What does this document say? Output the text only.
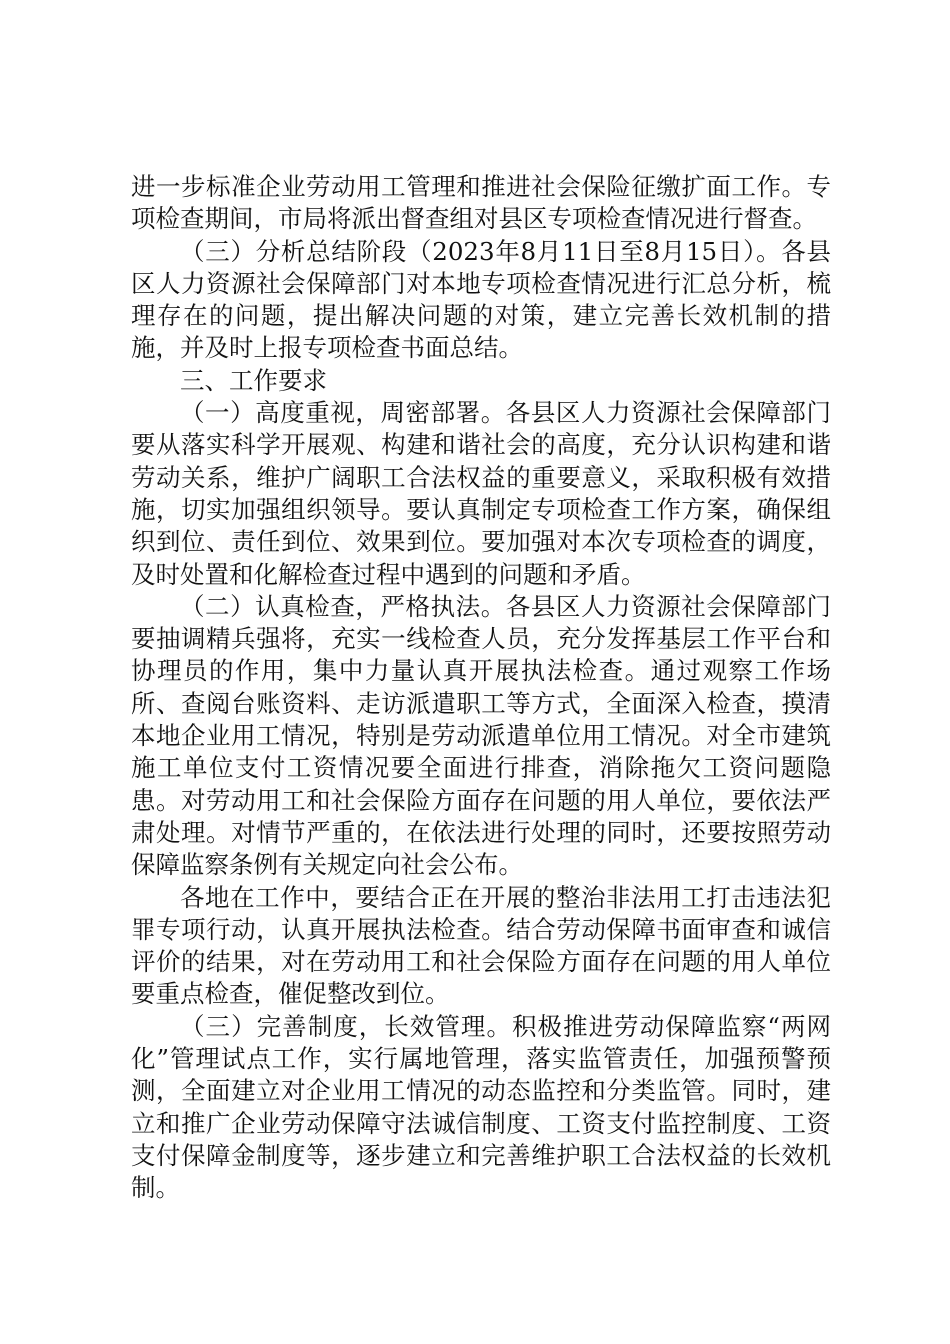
进一步标准企业劳动用工管理和推进社会保险征缴扩面工作。专项检查期间，市局将派出督查组对县区专项检查情况进行督查。

（三）分析总结阶段（2023年8月11日至8月15日）。各县区人力资源社会保障部门对本地专项检查情况进行汇总分析，梳理存在的问题，提出解决问题的对策，建立完善长效机制的措施，并及时上报专项检查书面总结。

三、工作要求

（一）高度重视，周密部署。各县区人力资源社会保障部门要从落实科学开展观、构建和谐社会的高度，充分认识构建和谐劳动关系，维护广阔职工合法权益的重要意义，采取积极有效措施，切实加强组织领导。要认真制定专项检查工作方案，确保组织到位、责任到位、效果到位。要加强对本次专项检查的调度，及时处置和化解检查过程中遇到的问题和矛盾。

（二）认真检查，严格执法。各县区人力资源社会保障部门要抽调精兵强将，充实一线检查人员，充分发挥基层工作平台和协理员的作用，集中力量认真开展执法检查。通过观察工作场所、查阅台账资料、走访派遣职工等方式，全面深入检查，摸清本地企业用工情况，特别是劳动派遣单位用工情况。对全市建筑施工单位支付工资情况要全面进行排查，消除拖欠工资问题隐患。对劳动用工和社会保险方面存在问题的用人单位，要依法严肃处理。对情节严重的，在依法进行处理的同时，还要按照劳动保障监察条例有关规定向社会公布。

各地在工作中，要结合正在开展的整治非法用工打击违法犯罪专项行动，认真开展执法检查。结合劳动保障书面审查和诚信评价的结果，对在劳动用工和社会保险方面存在问题的用人单位要重点检查，催促整改到位。

（三）完善制度，长效管理。积极推进劳动保障监察“两网化”管理试点工作，实行属地管理，落实监管责任，加强预警预测，全面建立对企业用工情况的动态监控和分类监管。同时，建立和推广企业劳动保障守法诚信制度、工资支付监控制度、工资支付保障金制度等，逐步建立和完善维护职工合法权益的长效机制。
